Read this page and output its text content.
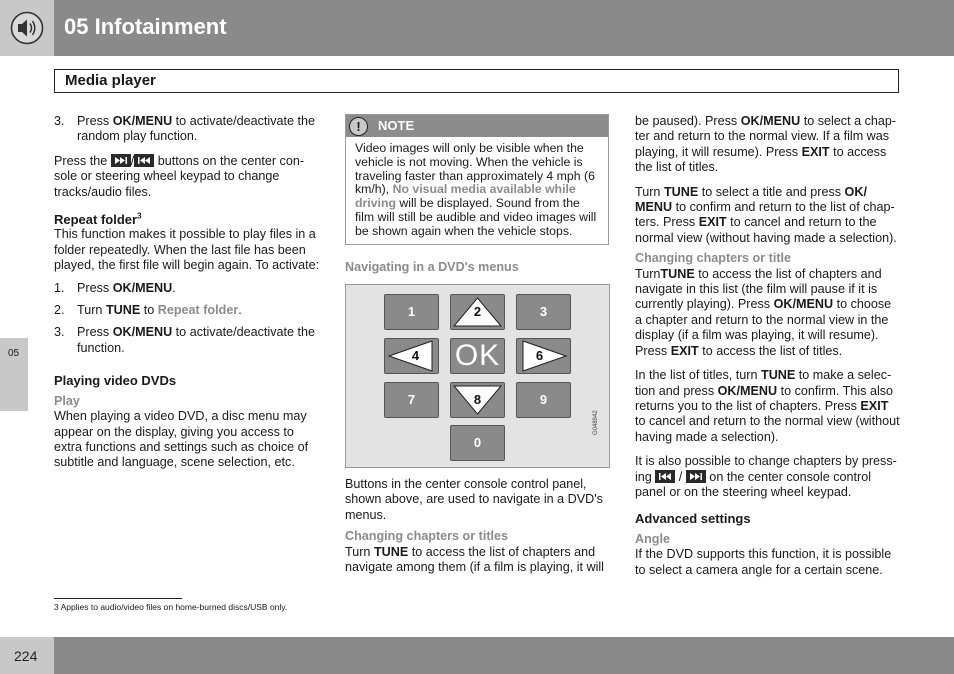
05 Infotainment
Media player
05
3. Press OK/MENU to activate/deactivate the random play function.

Press the / buttons on the center console or steering wheel keypad to change tracks/audio files.

Repeat folder$^3$

This function makes it possible to play files in a folder repeatedly. When the last file has been played, the first file will begin again. To activate:

1. Press OK/MENU.
2. Turn TUNE to Repeat folder.
3. Press OK/MENU to activate/deactivate the function.

Playing video DVDs

Play

When playing a video DVD, a disc menu may appear on the display, giving you access to extra functions and settings such as choice of subtitle and language, scene selection, etc.

!	NOTE
Video images will only be visible when the vehicle is not moving. When the vehicle is traveling faster than approximately 4 mph (6 km/h), No visual media available while driving will be displayed. Sound from the film will still be audible and video images will be shown again when the vehicle stops.

Navigating in a DVD's menus

1	2	3
4	OK	6
7	8	9
0
G048942

Buttons in the center console control panel, shown above, are used to navigate in a DVD's menus.

Changing chapters or titles

Turn TUNE to access the list of chapters and navigate among them (if a film is playing, it will

be paused). Press OK/MENU to select a chapter and return to the normal view. If a film was playing, it will resume). Press EXIT to access the list of titles.

Turn TUNE to select a title and press OK/ MENU to confirm and return to the list of chapters. Press EXIT to cancel and return to the normal view (without having made a selection).

Changing chapters or title

TurnTUNE to access the list of chapters and navigate in this list (the film will pause if it is currently playing). Press OK/MENU to choose a chapter and return to the normal view in the display (if a film was playing, it will resume). Press EXIT to access the list of titles.

In the list of titles, turn TUNE to make a selection and press OK/MENU to confirm. This also returns you to the list of chapters. Press EXIT to cancel and return to the normal view (without having made a selection).

It is also possible to change chapters by pressing  /  on the center console control panel or on the steering wheel keypad.

Advanced settings

Angle

If the DVD supports this function, it is possible to select a camera angle for a certain scene.

3 Applies to audio/video files on home-burned discs/USB only.
224
